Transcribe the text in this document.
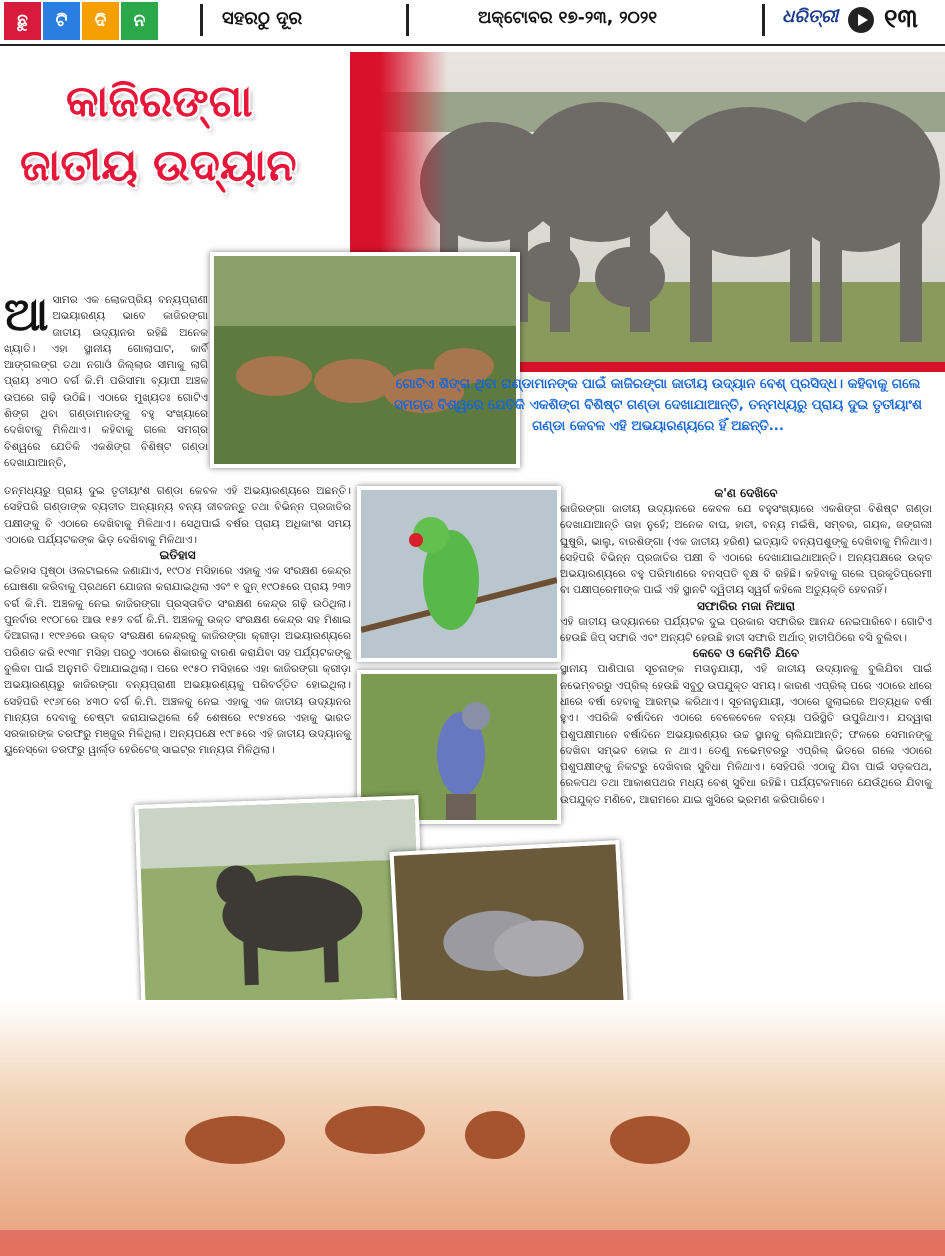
ଛୁ	ଟି	ଦି	ନ	ସହରଠୁ ଦୂର	ଅକ୍ଟୋବର ୧୭-୨୩, ୨୦୨୧	ଧରିତ୍ରୀ ୧୩

କାଜିରଙ୍ଗା

ଜାତୀୟ ଉଦ୍ୟାନ

ଗୋଟିଏ ଶିଙ୍ଗ ଥିବା ଗଣ୍ଡାମାନଙ୍କ ପାଇଁ କାଜିରଙ୍ଗା ଜାତୀୟ ଉଦ୍ୟାନ ବେଶ୍ ପ୍ରସିଦ୍ଧ। କହିବାକୁ ଗଲେ ସମଗ୍ର ବିଶ୍ୱରେ ଯେତିକି ଏକଶିଙ୍ଗ ବିଶିଷ୍ଟ ଗଣ୍ଡା ଦେଖାଯାଆନ୍ତି, ତନ୍ମଧ୍ୟରୁ ପ୍ରାୟ ଦୁଇ ତୃତୀୟାଂଶ ଗଣ୍ଡା କେବଳ ଏହି ଅଭୟାରଣ୍ୟରେ ହିଁ ଅଛନ୍ତି...
ଆ ସାମର ଏକ ଲୋକପ୍ରିୟ ବନ୍ୟପ୍ରାଣୀ ଅଭୟାରଣ୍ୟ ଭାବେ କାଜିରଙ୍ଗା ଜାତୀୟ ଉଦ୍ୟାନର ରହିଛି ଅନେକ ଖ୍ୟାତି। ଏହା ସ୍ଥାନୀୟ ଗୋଲାଘାଟ, କାର୍ବି ଆଙ୍ଗଲଙ୍ଗ ତଥା ନଗାଓଁ ଜିଲ୍ଲାର ସୀମାକୁ ଲାଗି ପ୍ରାୟ ୪୩୦ ବର୍ଗ କି.ମି ପରିସୀମା ବ୍ୟାପୀ ଅଞ୍ଚଳ ଉପରେ ଗଢ଼ି ଉଠିଛି। ଏଠାରେ ମୁଖ୍ୟତଃ ଗୋଟିଏ ଶିଙ୍ଗ ଥିବା ଗଣ୍ଡାମାନଙ୍କୁ ବହୁ ସଂଖ୍ୟାରେ ଦେଖିବାକୁ ମିଳିଥାଏ। କହିବାକୁ ଗଲେ ସମଗ୍ର ବିଶ୍ୱରେ ଯେତିକି ଏକଶିଙ୍ଗ ବିଶିଷ୍ଟ ଗଣ୍ଡା ଦେଖାଯାଆନ୍ତି,

ତନ୍ମଧ୍ୟରୁ ପ୍ରାୟ ଦୁଇ ତୃତୀୟାଂଶ ଗଣ୍ଡା କେବଳ ଏହି ଅଭୟାରଣ୍ୟରେ ଅଛନ୍ତି। ସେହିପରି ଗଣ୍ଡାଙ୍କ ବ୍ୟତୀତ ଅନ୍ୟାନ୍ୟ ବନ୍ୟ ଜୀବଜନ୍ତୁ ତଥା ବିଭିନ୍ନ ପ୍ରଜାତିର ପକ୍ଷୀଙ୍କୁ ବି ଏଠାରେ ଦେଖିବାକୁ ମିଳିଥାଏ। ସେଥିପାଇଁ ବର୍ଷର ପ୍ରାୟ ଅଧିକାଂଶ ସମୟ ଏଠାରେ ପର୍ଯ୍ୟଟକଙ୍କ ଭିଡ଼ ଦେଖିବାକୁ ମିଳିଥାଏ।

ଇତିହାସ

ଇତିହାସ ପୃଷ୍ଠା ଓଲଟାଇଲେ ଜଣାଯାଏ, ୧୯୦୪ ମସିହାରେ ଏହାକୁ ଏକ ସଂରକ୍ଷଣ କେନ୍ଦ୍ର ଘୋଷଣା କରିବାକୁ ପ୍ରଥମେ ଯୋଜନା କରାଯାଇଥିଲା ଏବଂ ୧ ଜୁନ୍ ୧୯୦୫ରେ ପ୍ରାୟ ୨୩୨ ବର୍ଗ କି.ମି. ଅଞ୍ଚଳକୁ ନେଇ କାଜିରଙ୍ଗା ପ୍ରସ୍ତାବିତ ସଂରକ୍ଷଣ କେନ୍ଦ୍ର ଗଢ଼ି ଉଠିଥିଲା। ପୁନର୍ବାର ୧୯୦୮ରେ ଆଉ ୧୫୨ ବର୍ଗ କି.ମି. ଅଞ୍ଚଳକୁ ଉକ୍ତ ସଂରକ୍ଷଣ କେନ୍ଦ୍ର ସହ ମିଶାଇ ଦିଆଗଲା। ୧୯୧୬ରେ ଉକ୍ତ ସଂରକ୍ଷଣ କେନ୍ଦ୍ରକୁ କାଜିରଙ୍ଗା କ୍ରୀଡ଼ା ଅଭୟାରଣ୍ୟରେ ପରିଣତ କରି ୧୯୩୮ ମସିହା ପରଠୁ ଏଠାରେ ଶିକାରକୁ ବାରଣ କରାଯିବା ସହ ପର୍ଯ୍ୟଟକଙ୍କୁ ବୁଲିବା ପାଇଁ ଅନୁମତି ଦିଆଯାଇଥିଲା। ପରେ ୧୯୫୦ ମସିହାରେ ଏହା କାଜିରଙ୍ଗା କ୍ରୀଡ଼ା ଅଭୟାରଣ୍ୟରୁ କାଜିରଙ୍ଗା ବନ୍ୟପ୍ରାଣୀ ଅଭୟାରଣ୍ୟକୁ ପରିବର୍ତ୍ତିତ ହୋଇଥିଲା। ସେହିପରି ୧୯୬୮ରେ ୪୩୦ ବର୍ଗ କି.ମି. ଅଞ୍ଚଳକୁ ନେଇ ଏହାକୁ ଏକ ଜାତୀୟ ଉଦ୍ୟାନର ମାନ୍ୟତା ଦେବାକୁ ଚେଷ୍ଟା କରାଯାଇଥିଲେ ହେଁ ଶେଷରେ ୧୯୭୪ରେ ଏହାକୁ ଭାରତ ସରକାରଙ୍କ ତରଫରୁ ମଞ୍ଜୁର ମିଳିଥିଲା। ଅନ୍ୟପକ୍ଷେ ୧୯୮୫ରେ ଏହି ଜାତୀୟ ଉଦ୍ୟାନକୁ ୟୁନେସ୍କୋ ତରଫରୁ ୱାର୍ଲ୍ଡ ହେରିଟେଜ୍ ସାଇଟ୍‌ର ମାନ୍ୟତା ମିଳିଥିଲା।

କ'ଣ ଦେଖିବେ

କାଜିରଙ୍ଗା ଜାତୀୟ ଉଦ୍ୟାନରେ କେବଳ ଯେ ବହୁସଂଖ୍ୟାରେ ଏକଶିଙ୍ଗ ବିଶିଷ୍ଟ ଗଣ୍ଡା ଦେଖାଯାଆନ୍ତି ତାହା ନୁହେଁ; ଅନେକ ବାଘ, ହାତୀ, ବନ୍ୟ ମଇଁଷି, ସମ୍ବର, ଗୟଳ, ଜଙ୍ଗଲୀ ଘୁଷୁରି, ଭାଲୁ, ବାରଶିଙ୍ଗା (ଏକ ଜାତୀୟ ହରିଣ) ଇତ୍ୟାଦି ବନ୍ୟପଶୁଙ୍କୁ ଦେଖିବାକୁ ମିଳିଥାଏ। ସେହିପରି ବିଭିନ୍ନ ପ୍ରଜାତିର ପକ୍ଷୀ ବି ଏଠାରେ ଦେଖାଯାଇଥାଆନ୍ତି। ଅନ୍ୟପକ୍ଷରେ ଉକ୍ତ ଅଭୟାରଣ୍ୟରେ ବହୁ ପରିମାଣରେ ବନସ୍ପତି ବୃକ୍ଷ ବି ରହିଛି। କହିବାକୁ ଗଲେ ପ୍ରକୃତିପ୍ରେମୀ ବା ପକ୍ଷୀପ୍ରେମୀଙ୍କ ପାଇଁ ଏହି ସ୍ଥାନଟି ଦ୍ୱିତୀୟ ସ୍ୱର୍ଗ କହିଲେ ଅତ୍ୟୁକ୍ତି ହେବନାହିଁ।

ସଫାରିର ମଜା ନିଆରା

ଏହି ଜାତୀୟ ଉଦ୍ୟାନରେ ପର୍ଯ୍ୟଟକ ଦୁଇ ପ୍ରକାର ସଫାରିର ଆନନ୍ଦ ନେଇପାରିବେ। ଗୋଟିଏ ହେଉଛି ଜିପ୍ ସଫାରି ଏବଂ ଅନ୍ୟଟି ହେଉଛି ହାତୀ ସଫାରି ଅର୍ଥାତ୍ ହାତୀପିଠିରେ ବସି ବୁଲିବା।

କେବେ ଓ କେମିତି ଯିବେ

ସ୍ଥାନୀୟ ପାଣିପାଗ ସୂଚନାଙ୍କ ମତାନୁଯାୟୀ, ଏହି ଜାତୀୟ ଉଦ୍ୟାନକୁ ବୁଲିଯିବା ପାଇଁ ନଭେମ୍ବରରୁ ଏପ୍ରିଲ୍ ହେଉଛି ସବୁଠୁ ଉପଯୁକ୍ତ ସମୟ। କାରଣ ଏପ୍ରିଲ୍ ପରେ ଏଠାରେ ଧୀରେ ଧୀରେ ବର୍ଷା ହେବାକୁ ଆରମ୍ଭ କରିଥାଏ। ସୂଚନାନୁଯାୟୀ, ଏଠାରେ ଜୁଲାଇରେ ଅତ୍ୟଧିକ ବର୍ଷା ହୁଏ। ଏପରିକି ବର୍ଷାଦିନେ ଏଠାରେ ବେଳେବେଳେ ବନ୍ୟା ପରିସ୍ଥିତି ଉପୁଜିଥାଏ। ଯଦ୍ୱାରା ପଶୁପକ୍ଷୀମାନେ ବର୍ଷାଦିନେ ଅଭୟାରଣ୍ୟର ଉଚ୍ଚ ସ୍ଥାନକୁ ଚାଲିଯାଆନ୍ତି; ଫଳରେ ସେମାନଙ୍କୁ ଦେଖିବା ସମ୍ଭବ ହୋଇ ନ ଥାଏ। ତେଣୁ ନଭେମ୍ବରରୁ ଏପ୍ରିଲ୍ ଭିତରେ ଗଲେ ଏଠାରେ ପଶୁପକ୍ଷୀଙ୍କୁ ନିକଟରୁ ଦେଖିବାର ସୁବିଧା ମିଳିଥାଏ। ସେହିପରି ଏଠାକୁ ଯିବା ପାଇଁ ସଡ଼କପଥ, ରେଳପଥ ତଥା ଆକାଶପଥର ମଧ୍ୟ ବେଶ୍ ସୁବିଧା ରହିଛି। ପର୍ଯ୍ୟଟକମାନେ ଯେଉଁଥିରେ ଯିବାକୁ ଉପଯୁକ୍ତ ମଣିବେ, ଆରାମରେ ଯାଇ ଖୁସିରେ ଭ୍ରମଣ କରିପାରିବେ।
